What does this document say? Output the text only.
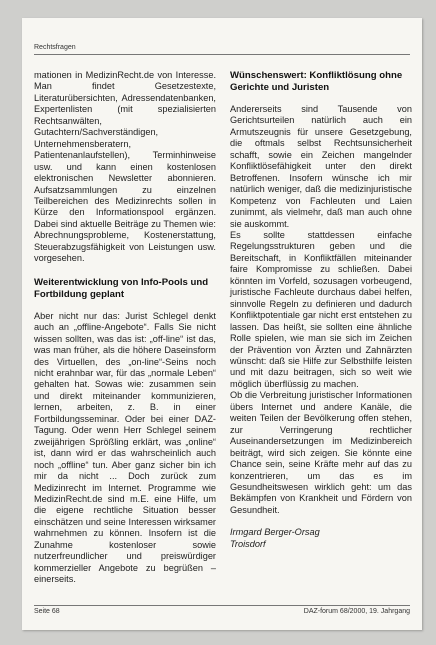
Rechtsfragen

mationen in MedizinRecht.de von Interesse. Man findet Gesetzestexte, Literaturübersichten, Adressendatenbanken, Expertenlisten (mit spezialisierten Rechtsanwälten, Gutachtern/Sachverständigen, Unternehmensberatern, Patientenanlaufstellen), Terminhinweise usw. und kann einen kostenlosen elektronischen Newsletter abonnieren. Aufsatzsammlungen zu einzelnen Teilbereichen des Medizinrechts sollen in Kürze den Informationspool ergänzen. Dabei sind aktuelle Beiträge zu Themen wie: Abrechnungsprobleme, Kostenerstattung, Steuerabzugsfähigkeit von Leistungen usw. vorgesehen.

Weiterentwicklung von Info-Pools und Fortbildung geplant

Aber nicht nur das: Jurist Schlegel denkt auch an „offline-Angebote“. Falls Sie nicht wissen sollten, was das ist: „off-line“ ist das, was man früher, als die höhere Daseinsform des Virtuellen, des „on-line“-Seins noch nicht erahnbar war, für das „normale Leben“ gehalten hat. Sowas wie: zusammen sein und direkt miteinander kommunizieren, lernen, arbeiten, z. B. in einer Fortbildungsseminar. Oder bei einer DAZ-Tagung. Oder wenn Herr Schlegel seinem zweijährigen Sprößling erklärt, was „online“ ist, dann wird er das wahrscheinlich auch noch „offline“ tun. Aber ganz sicher bin ich mir da nicht ... Doch zurück zum Medizinrecht im Internet. Programme wie MedizinRecht.de sind m.E. eine Hilfe, um die eigene rechtliche Situation besser einschätzen und seine Interessen wirksamer wahrnehmen zu können. Insofern ist die Zunahme kostenloser sowie nutzerfreundlicher und preiswürdiger kommerzieller Angebote zu begrüßen – einerseits.

Wünschenswert: Konfliktlösung ohne Gerichte und Juristen

Andererseits sind Tausende von Gerichtsurteilen natürlich auch ein Armutszeugnis für unsere Gesetzgebung, die oftmals selbst Rechtsunsicherheit schafft, sowie ein Zeichen mangelnder Konfliktlösefähigkeit unter den direkt Betroffenen. Insofern wünsche ich mir natürlich weniger, daß die medizinjuristische Kompetenz von Fachleuten und Laien zunimmt, als vielmehr, daß man auch ohne sie auskommt.

Es sollte stattdessen einfache Regelungsstrukturen geben und die Bereitschaft, in Konfliktfällen miteinander faire Kompromisse zu schließen. Dabei könnten im Vorfeld, sozusagen vorbeugend, juristische Fachleute durchaus dabei helfen, sinnvolle Regeln zu definieren und dadurch Konfliktpotentiale gar nicht erst entstehen zu lassen. Das heißt, sie sollten eine ähnliche Rolle spielen, wie man sie sich im Zeichen der Prävention von Ärzten und Zahnärzten wünscht: daß sie Hilfe zur Selbsthilfe leisten und mit dazu beitragen, sich so weit wie möglich überflüssig zu machen.

Ob die Verbreitung juristischer Informationen übers Internet und andere Kanäle, die weiten Teilen der Bevölkerung offen stehen, zur Verringerung rechtlicher Auseinandersetzungen im Medizinbereich beiträgt, wird sich zeigen. Sie könnte eine Chance sein, seine Kräfte mehr auf das zu konzentrieren, um das es im Gesundheitswesen wirklich geht: um das Bekämpfen von Krankheit und Fördern von Gesundheit.

Irmgard Berger-Orsag
Troisdorf
Seite 68	DAZ-forum 68/2000, 19. Jahrgang
